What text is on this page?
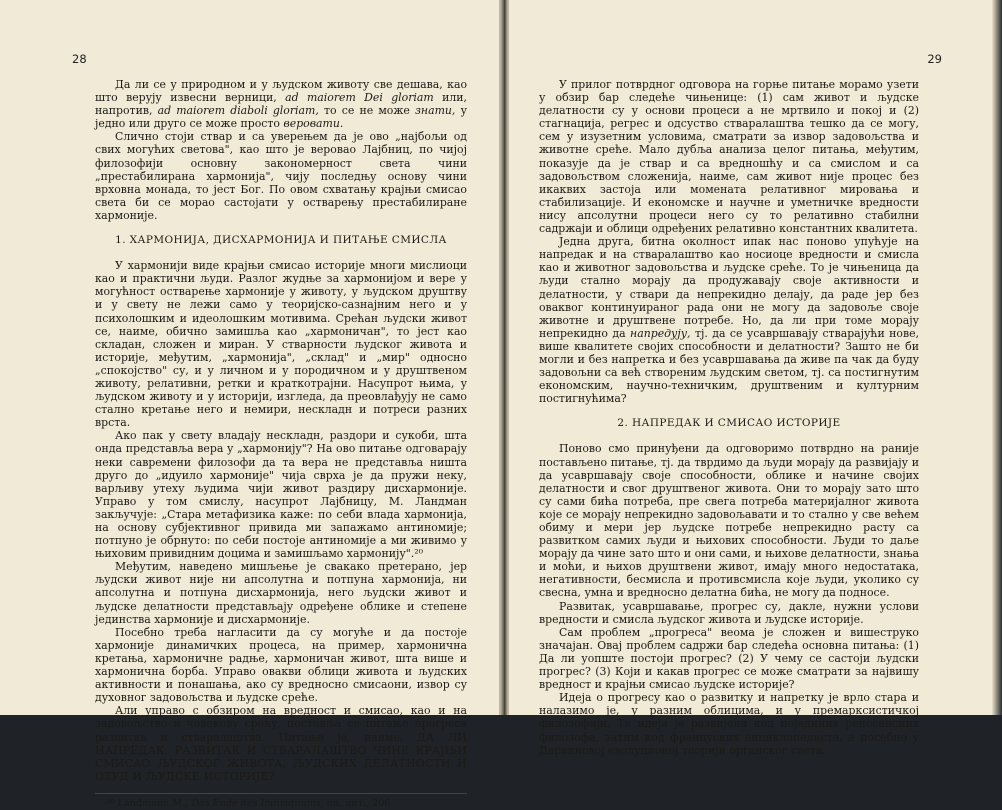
28

Да ли се у природном и у људском животу све дешава, као што верују извесни верници, ad maiorem Dei gloriam или, напротив, ad maiorem diaboli gloriam, то се не може знати, у једно или друго се може просто веровати.

Слично стоји ствар и са уверењем да је ово „најбољи од свих могућих светова", као што је веровао Лајбниц, по чијој филозофији основну закономерност света чини „престабилирана хармонија", чију последњу основу чини врховна монада, то јест Бог. По овом схватању крајњи смисао света би се морао састојати у остварењу престабилиране хармоније.

1. ХАРМОНИЈА, ДИСХАРМОНИЈА И ПИТАЊЕ СМИСЛА

У хармонији виде крајњи смисао историје многи мислиоци као и практични људи. Разлог жудње за хармонијом и вере у могућност остварење хармоније у животу, у људском друштву и у свету не лежи само у теоријско-сазнајним него и у психолошким и идеолошким мотивима. Срећан људски живот се, наиме, обично замишља као „хармоничан", то јест као складан, сложен и миран. У стварности људског живота и историје, међутим, „хармонија", „склад" и „мир" односно „спокојство" су, и у личном и у породичном и у друштвеном животу, релативни, ретки и краткотрајни. Насупрот њима, у људском животу и у историји, изгледа, да преовлађују не само стално кретање него и немири, нескладн и потреси разних врста.

Ако пак у свету владају нескладн, раздори и сукоби, шта онда представља вера у „хармонију"? На ово питање одговарају неки савремени филозофи да та вера не представља ништа друго до „идуило хармоније" чија сврха је да пружи неку, варљиву утеху људима чији живот раздиру дисхармоније. Управо у том смислу, насупрот Лајбницу, М. Ландман закључује: „Стара метафизика каже: по себи влада хармонија, на основу субјективног привида ми запажамо антиномије; потпуно је обрнуто: по себи постоје антиномије а ми живимо у њиховим привидним доцима и замишљамо хармонију".²⁰

Међутим, наведено мишљење је свакако претерано, јер људски живот није ни апсолутна и потпуна хармонија, ни апсолутна и потпуна дисхармонија, него људски живот и људске делатности представљају одређене облике и степене јединства хармоније и дисхармоније.

Посебно треба нагласити да су могуће и да постоје хармоније динамичких процеса, на пример, хармонична кретања, хармоничне радње, хармоничан живот, шта више и хармонична борба. Управо овакви облици живота и људских активности и понашања, ако су вредносно смисаони, извор су духовног задовољства и људске среће.

Али управо с обзиром на вредност и смисао, као и на задовољство и човекову срећу, поставља се питање прогреса развитка и стваралаштва. Питање је, наиме, ДА ЛИ НАПРЕДАК, РАЗВИТАК И СТВАРАЛАШТВО ЧИНЕ КРАЈЊИ СМИСАО ЉУДСКОГ ЖИВОТА, ЉУДСКИХ ДЕЛАТНОСТИ И ОТУД И ЉУДСКЕ ИСТОРИЈЕ?

²⁰ Landmann M., Das Ende des Individuums, оп. цит., 206.
29

У прилог потврдног одговора на горње питање морамо узети у обзир бар следеће чињенице: (1) сам живот и људске делатности су у основи процеси а не мртвило и покој и (2) стагнација, регрес и одсуство стваралаштва тешко да се могу, сем у изузетним условима, сматрати за извор задовољства и животне среће. Мало дубља анализа целог питања, међутим, показује да је ствар и са вредношћу и са смислом и са задовољством сложенија, наиме, сам живот није процес без икаквих застоја или момената релативног мировања и стабилизације. И економске и научне и уметничке вредности нису апсолутни процеси него су то релативно стабилни садржаји и облици одређених релативно константних квалитета.

Једна друга, битна околност ипак нас поново упућује на напредак и на стваралаштво као носиоце вредности и смисла као и животног задовољства и људске среће. То је чињеница да људи стално морају да продужавају своје активности и делатности, у ствари да непрекидно делају, да раде јер без оваквог континуираног рада они не могу да задовоље своје животне и друштвене потребе. Но, да ли при томе морају непрекидно да напредују, тј. да се усавршавају стварајући нове, више квалитете својих способности и делатности? Зашто не би могли и без напретка и без усавршавања да живе па чак да буду задовољни са већ створеним људским светом, тј. са постигнутим економским, научно-техничким, друштвеним и културним постигнућима?

2. НАПРЕДАК И СМИСАО ИСТОРИЈЕ

Поново смо принуђени да одговоримо потврдно на раније постављено питање, тј. да тврдимо да људи морају да развијају и да усавршавају своје способности, облике и начине својих делатности и свог друштвеног живота. Они то морају зато што су сами бића потреба, пре свега потреба материјалног живота које се морају непрекидно задовољавати и то стално у све већем обиму и мери јер људске потребе непрекидно расту са развитком самих људи и њихових способности. Људи то даље морају да чине зато што и они сами, и њихове делатности, знања и моћи, и њихов друштвени живот, имају много недостатака, негативности, бесмисла и противсмисла које људи, уколико су свесна, умна и вредносно делатна бића, не могу да подносе.

Развитак, усавршавање, прогрес су, дакле, нужни услови вредности и смисла људског живота и људске историје.

Сам проблем „прогреса" веома је сложен и вишеструко значајан. Овај проблем садржи бар следећа основна питања: (1) Да ли уопште постоји прогрес? (2) У чему се састоји људски прогрес? (3) Који и какав прогрес се може сматрати за највишу вредност и крајњи смисао људске историје?

Идеја о прогресу као о развитку и напретку је врло стара и налазимо је, у разним облицима, и у премарксистичкој филозофији. Та идеја је развијена код појединих ренесансних филозофа, затим код француских енциклопедиста, а посебно у Дарвиновој еволуционој теорији органског света.
